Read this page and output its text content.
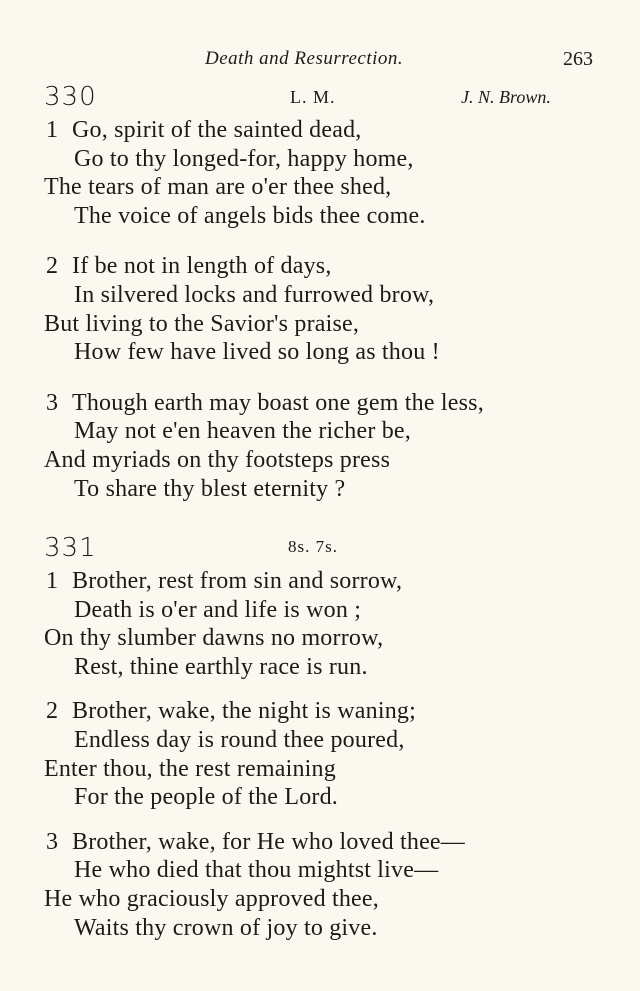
Death and Resurrection.	263
330	L. M.	J. N. Brown.
1 Go, spirit of the sainted dead,
Go to thy longed-for, happy home,
The tears of man are o'er thee shed,
The voice of angels bids thee come.
2 If be not in length of days,
In silvered locks and furrowed brow,
But living to the Savior's praise,
How few have lived so long as thou !
3 Though earth may boast one gem the less,
May not e'en heaven the richer be,
And myriads on thy footsteps press
To share thy blest eternity ?
331	8s. 7s.
1 Brother, rest from sin and sorrow,
Death is o'er and life is won ;
On thy slumber dawns no morrow,
Rest, thine earthly race is run.
2 Brother, wake, the night is waning;
Endless day is round thee poured,
Enter thou, the rest remaining
For the people of the Lord.
3 Brother, wake, for He who loved thee—
He who died that thou mightst live—
He who graciously approved thee,
Waits thy crown of joy to give.
